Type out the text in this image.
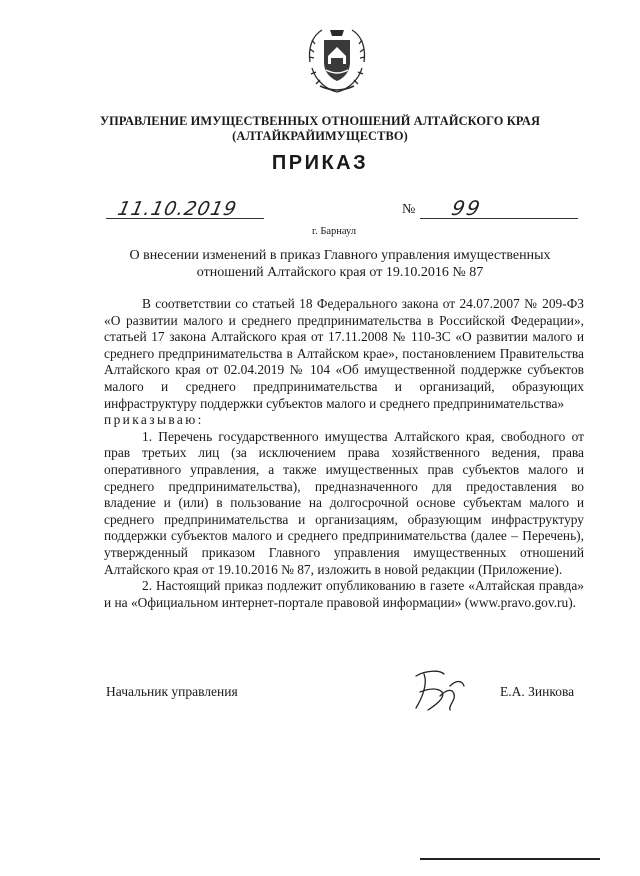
УПРАВЛЕНИЕ ИМУЩЕСТВЕННЫХ ОТНОШЕНИЙ АЛТАЙСКОГО КРАЯ
(АЛТАЙКРАЙИМУЩЕСТВО)
ПРИКАЗ
11.10.2019	№ 99
г. Барнаул
О внесении изменений в приказ Главного управления имущественных отношений Алтайского края от 19.10.2016 № 87

В соответствии со статьей 18 Федерального закона от 24.07.2007 № 209-ФЗ «О развитии малого и среднего предпринимательства в Российской Федерации», статьей 17 закона Алтайского края от 17.11.2008 № 110-ЗС «О развитии малого и среднего предпринимательства в Алтайском крае», постановлением Правительства Алтайского края от 02.04.2019 № 104 «Об имущественной поддержке субъектов малого и среднего предпринимательства и организаций, образующих инфраструктуру поддержки субъектов малого и среднего предпринимательства»

приказываю:

1. Перечень государственного имущества Алтайского края, свободного от прав третьих лиц (за исключением права хозяйственного ведения, права оперативного управления, а также имущественных прав субъектов малого и среднего предпринимательства), предназначенного для предоставления во владение и (или) в пользование на долгосрочной основе субъектам малого и среднего предпринимательства и организациям, образующим инфраструктуру поддержки субъектов малого и среднего предпринимательства (далее – Перечень), утвержденный приказом Главного управления имущественных отношений Алтайского края от 19.10.2016 № 87, изложить в новой редакции (Приложение).

2. Настоящий приказ подлежит опубликованию в газете «Алтайская правда» и на «Официальном интернет-портале правовой информации» (www.pravo.gov.ru).

Начальник управления	Е.А. Зинкова
